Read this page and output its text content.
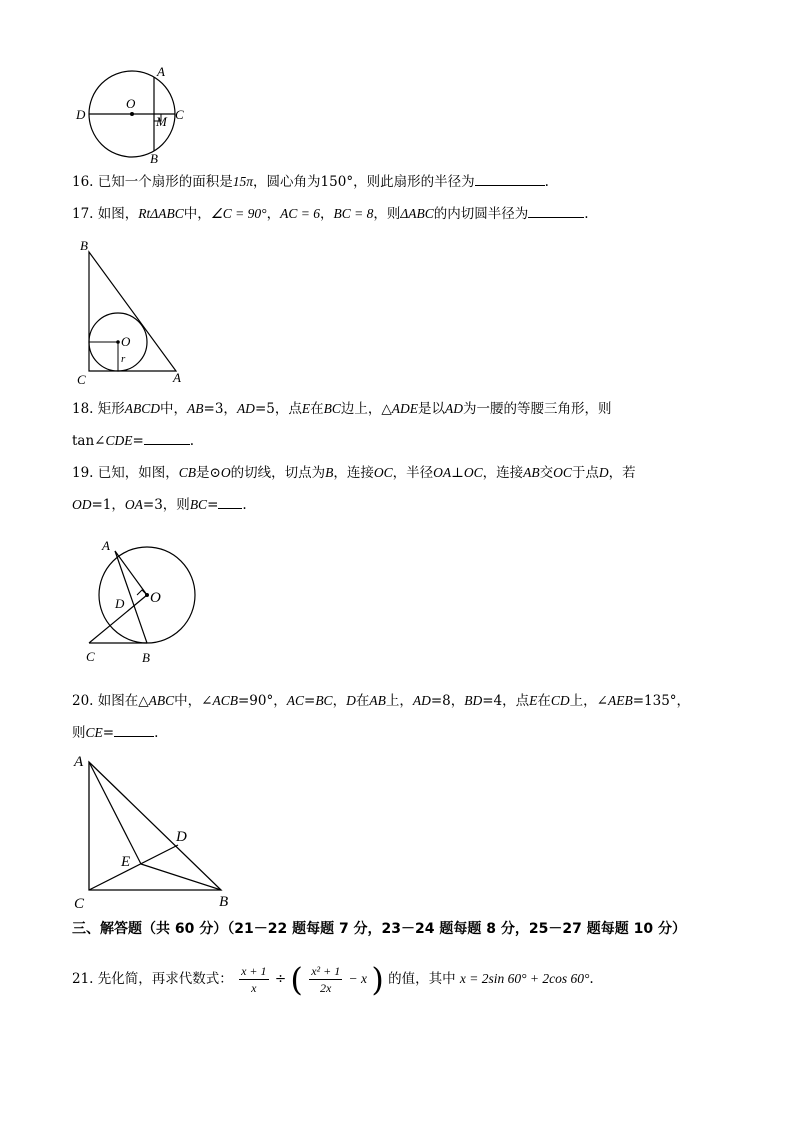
A
B
C
D
O
M
16. 已知一个扇形的面积是15π，圆心角为150°，则此扇形的半径为	.
17. 如图，RtΔABC中，∠C = 90°，AC = 6，BC = 8，则ΔABC的内切圆半径为	.
B
C	A
O
r
18. 矩形ABCD中，AB=3，AD=5，点E在BC边上，△ADE是以AD为一腰的等腰三角形，则
tan∠CDE=	.
19. 已知，如图，CB是⊙O的切线，切点为B，连接OC，半径OA⊥OC，连接AB交OC于点D，若
OD=1，OA=3，则BC= .
A
B
C
D O
20. 如图在△ABC中，∠ACB=90°，AC=BC，D在AB上，AD=8，BD=4，点E在CD上，∠AEB=135°，
则CE=	.
A
B
C
D
E
三、解答题（共 60 分）（21－22 题每题 7 分，23－24 题每题 8 分，25－27 题每题 10 分）
21. 先化简，再求代数式： $\frac{x + 1}{x}$ ÷ ( $\frac{\text{x² + 1}}{2x} - x$ ) 的值，其中 x = 2sin 60° + 2cos 60°.
